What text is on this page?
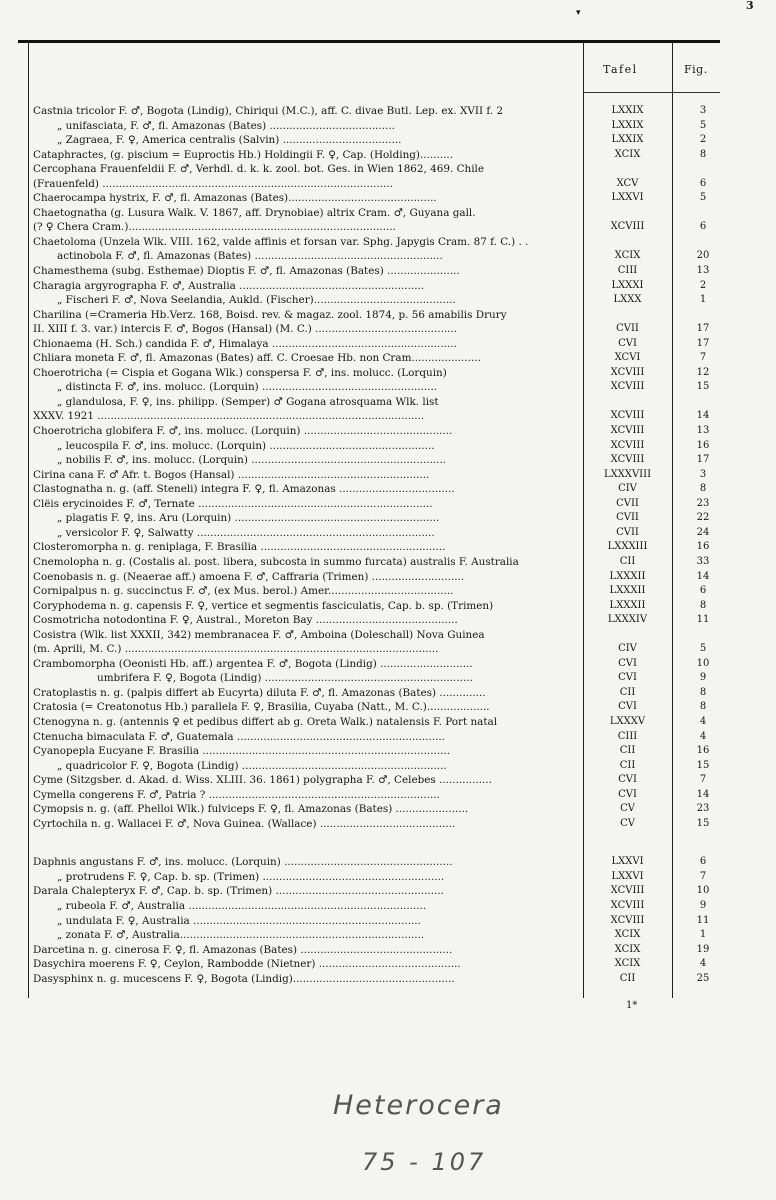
3
▾
Tafel	Fig.
Castnia tricolor F. ♂, Bogota (Lindig), Chiriqui (M.C.), aff. C. divae Butl. Lep. ex. XVII f. 2	LXXIX	3
„ unifasciata, F. ♂, fl. Amazonas (Bates) ......................................	LXXIX	5
„ Zagraea, F. ♀, America centralis (Salvin) ....................................	LXXIX	2
Cataphractes, (g. piscium = Euproctis Hb.) Holdingii F. ♀, Cap. (Holding)..........	XCIX	8
Cercophana Frauenfeldii F. ♂, Verhdl. d. k. k. zool. bot. Ges. in Wien 1862, 469. Chile
(Frauenfeld) ........................................................................................	XCV	6
Chaerocampa hystrix, F. ♂, fl. Amazonas (Bates).............................................	LXXVI	5
Chaetognatha (g. Lusura Walk. V. 1867, aff. Drynobiae) altrix Cram. ♂, Guyana gall.
(? ♀ Chera Cram.).................................................................................	XCVIII	6
Chaetoloma (Unzela Wlk. VIII. 162, valde affinis et forsan var. Sphg. Japygis Cram. 87 f. C.) . .
actinobola F. ♂, fl. Amazonas (Bates) .........................................................	XCIX	20
Chamesthema (subg. Esthemae) Dioptis F. ♂, fl. Amazonas (Bates) ......................	CIII	13
Charagia argyrographa F. ♂, Australia ........................................................	LXXXI	2
„ Fischeri F. ♂, Nova Seelandia, Aukld. (Fischer)...........................................	LXXX	1
Charilina (=Crameria Hb.Verz. 168, Boisd. rev. & magaz. zool. 1874, p. 56 amabilis Drury
II. XIII f. 3. var.) intercis F. ♂, Bogos (Hansal) (M. C.) ...........................................	CVII	17
Chionaema (H. Sch.) candida F. ♂, Himalaya ........................................................	CVI	17
Chliara moneta F. ♂, fl. Amazonas (Bates) aff. C. Croesae Hb. non Cram.....................	XCVI	7
Choerotricha (= Cispia et Gogana Wlk.) conspersa F. ♂, ins. molucc. (Lorquin)	XCVIII	12
„ distincta F. ♂, ins. molucc. (Lorquin) .....................................................	XCVIII	15
„ glandulosa, F. ♀, ins. philipp. (Semper) ♂ Gogana atrosquama Wlk. list
XXXV. 1921 ...................................................................................................	XCVIII	14
Choerotricha globifera F. ♂, ins. molucc. (Lorquin) .............................................	XCVIII	13
„ leucospila F. ♂, ins. molucc. (Lorquin) ..................................................	XCVIII	16
„ nobilis F. ♂, ins. molucc. (Lorquin) ...........................................................	XCVIII	17
Cirina cana F. ♂ Afr. t. Bogos (Hansal) ..........................................................	LXXXVIII	3
Clastognatha n. g. (aff. Steneli) integra F. ♀, fl. Amazonas ...................................	CIV	8
Clëis erycinoides F. ♂, Ternate .......................................................................	CVII	23
„ plagatis F. ♀, ins. Aru (Lorquin) ..............................................................	CVII	22
„ versicolor F. ♀, Salwatty ........................................................................	CVII	24
Closteromorpha n. g. reniplaga, F. Brasilia ........................................................	LXXXIII	16
Cnemolopha n. g. (Costalis al. post. libera, subcosta in summo furcata) australis F. Australia	CII	33
Coenobasis n. g. (Neaerae aff.) amoena F. ♂, Caffraria (Trimen) ............................	LXXXII	14
Cornipalpus n. g. succinctus F. ♂, (ex Mus. berol.) Amer......................................	LXXXII	6
Coryphodema n. g. capensis F. ♀, vertice et segmentis fasciculatis, Cap. b. sp. (Trimen)	LXXXII	8
Cosmotricha notodontina F. ♀, Austral., Moreton Bay ...........................................	LXXXIV	11
Cosistra (Wlk. list XXXII, 342) membranacea F. ♂, Amboina (Doleschall) Nova Guinea
(m. Aprili, M. C.) ...............................................................................................	CIV	5
Crambomorpha (Oeonisti Hb. aff.) argentea F. ♂, Bogota (Lindig) ............................	CVI	10
umbrifera F. ♀, Bogota (Lindig) ...............................................................	CVI	9
Cratoplastis n. g. (palpis differt ab Eucyrta) diluta F. ♂, fl. Amazonas (Bates) ..............	CII	8
Cratosia (= Creatonotus Hb.) parallela F. ♀, Brasilia, Cuyaba (Natt., M. C.)...................	CVI	8
Ctenogyna n. g. (antennis ♀ et pedibus differt ab g. Oreta Walk.) natalensis F. Port natal	LXXXV	4
Ctenucha bimaculata F. ♂, Guatemala ...............................................................	CIII	4
Cyanopepla Eucyane F. Brasilia ...........................................................................	CII	16
„ quadricolor F. ♀, Bogota (Lindig) ..............................................................	CII	15
Cyme (Sitzgsber. d. Akad. d. Wiss. XLIII. 36. 1861) polygrapha F. ♂, Celebes ................	CVI	7
Cymella congerens F. ♂, Patria ? ......................................................................	CVI	14
Cymopsis n. g. (aff. Phelloi Wlk.) fulviceps F. ♀, fl. Amazonas (Bates) ......................	CV	23
Cyrtochila n. g. Wallacei F. ♂, Nova Guinea. (Wallace) .........................................	CV	15
Daphnis angustans F. ♂, ins. molucc. (Lorquin) ...................................................	LXXVI	6
„ protrudens F. ♀, Cap. b. sp. (Trimen) .......................................................	LXXVI	7
Darala Chalepteryx F. ♂, Cap. b. sp. (Trimen) ...................................................	XCVIII	10
„ rubeola F. ♂, Australia ........................................................................	XCVIII	9
„ undulata F. ♀, Australia .....................................................................	XCVIII	11
„ zonata F. ♂, Australia..........................................................................	XCIX	1
Darcetina n. g. cinerosa F. ♀, fl. Amazonas (Bates) ..............................................	XCIX	19
Dasychira moerens F. ♀, Ceylon, Rambodde (Nietner) ...........................................	XCIX	4
Dasysphinx n. g. mucescens F. ♀, Bogota (Lindig).................................................	CII	25
1*
Heterocera
75 - 107
